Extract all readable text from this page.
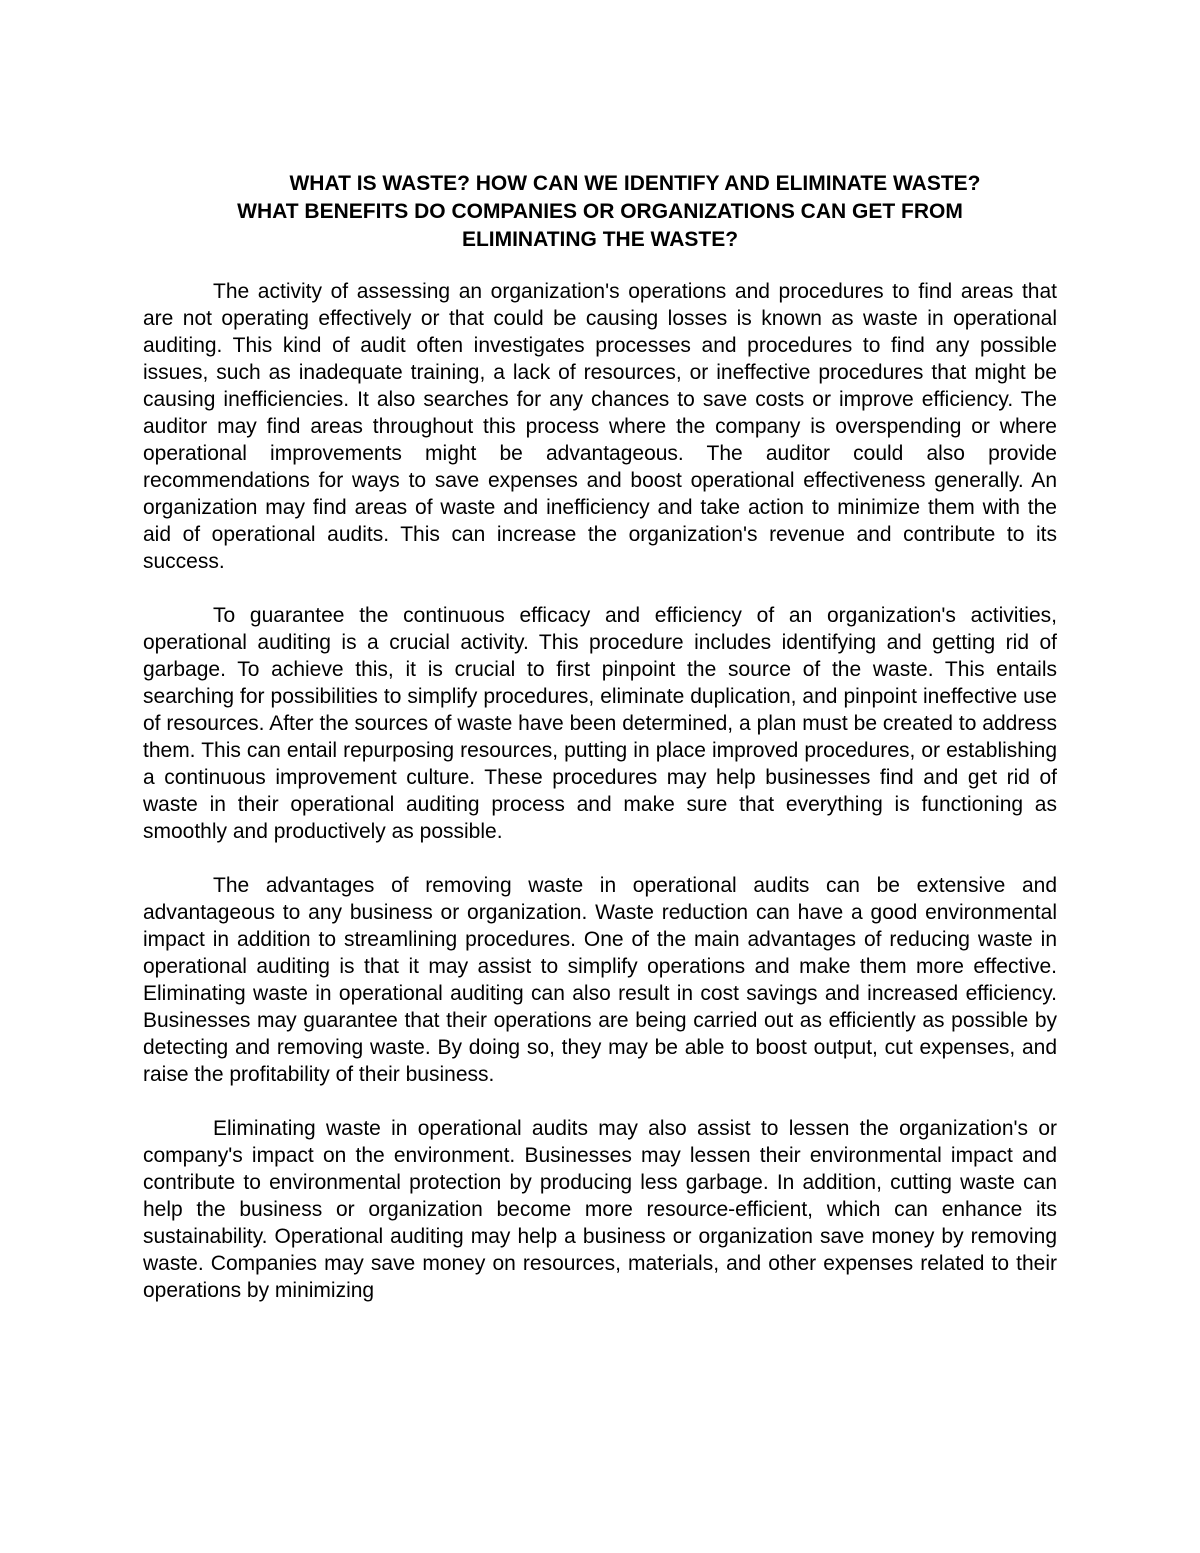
WHAT IS WASTE? HOW CAN WE IDENTIFY AND ELIMINATE WASTE?
WHAT BENEFITS DO COMPANIES OR ORGANIZATIONS CAN GET FROM
ELIMINATING THE WASTE?

The activity of assessing an organization's operations and procedures to find areas that are not operating effectively or that could be causing losses is known as waste in operational auditing. This kind of audit often investigates processes and procedures to find any possible issues, such as inadequate training, a lack of resources, or ineffective procedures that might be causing inefficiencies. It also searches for any chances to save costs or improve efficiency. The auditor may find areas throughout this process where the company is overspending or where operational improvements might be advantageous. The auditor could also provide recommendations for ways to save expenses and boost operational effectiveness generally. An organization may find areas of waste and inefficiency and take action to minimize them with the aid of operational audits. This can increase the organization's revenue and contribute to its success.

To guarantee the continuous efficacy and efficiency of an organization's activities, operational auditing is a crucial activity. This procedure includes identifying and getting rid of garbage. To achieve this, it is crucial to first pinpoint the source of the waste. This entails searching for possibilities to simplify procedures, eliminate duplication, and pinpoint ineffective use of resources. After the sources of waste have been determined, a plan must be created to address them. This can entail repurposing resources, putting in place improved procedures, or establishing a continuous improvement culture. These procedures may help businesses find and get rid of waste in their operational auditing process and make sure that everything is functioning as smoothly and productively as possible.

The advantages of removing waste in operational audits can be extensive and advantageous to any business or organization. Waste reduction can have a good environmental impact in addition to streamlining procedures. One of the main advantages of reducing waste in operational auditing is that it may assist to simplify operations and make them more effective. Eliminating waste in operational auditing can also result in cost savings and increased efficiency. Businesses may guarantee that their operations are being carried out as efficiently as possible by detecting and removing waste. By doing so, they may be able to boost output, cut expenses, and raise the profitability of their business.

Eliminating waste in operational audits may also assist to lessen the organization's or company's impact on the environment. Businesses may lessen their environmental impact and contribute to environmental protection by producing less garbage. In addition, cutting waste can help the business or organization become more resource-efficient, which can enhance its sustainability. Operational auditing may help a business or organization save money by removing waste. Companies may save money on resources, materials, and other expenses related to their operations by minimizing
